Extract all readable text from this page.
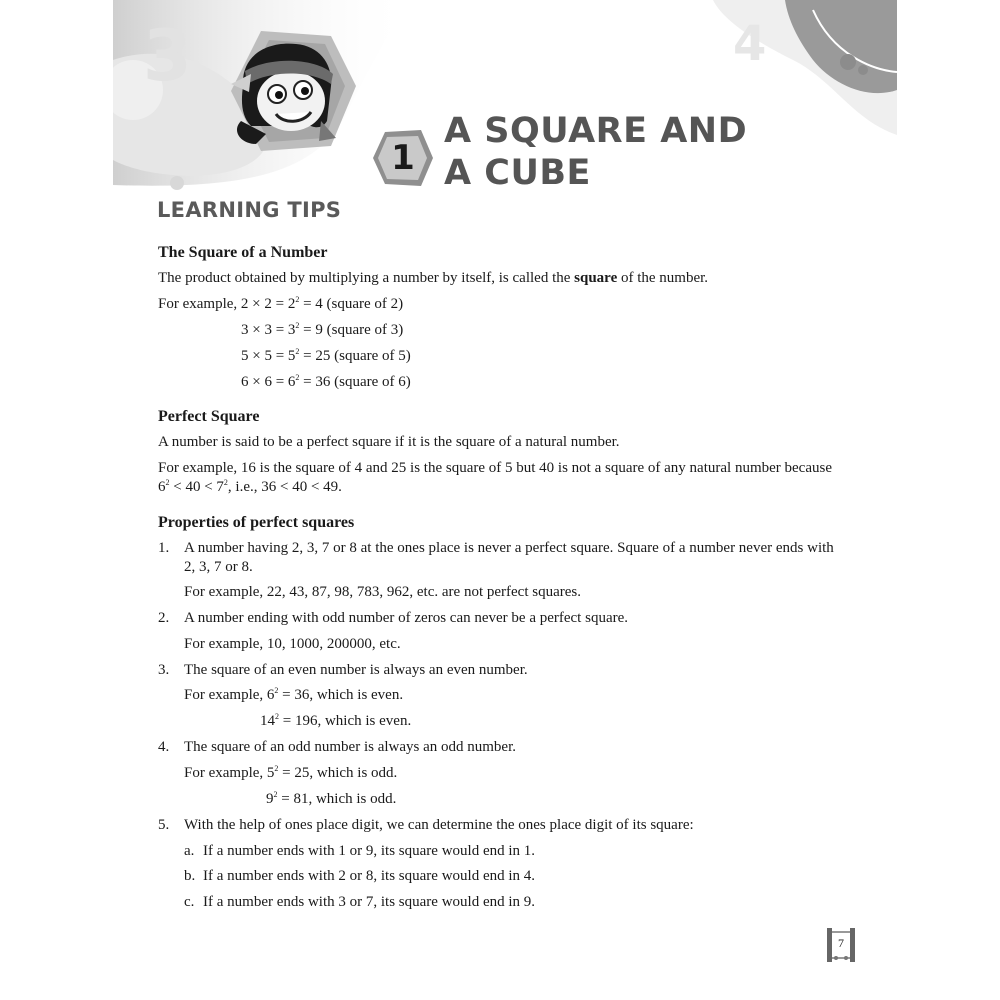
3	4
1
A SQUARE AND
A CUBE
LEARNING TIPS
The Square of a Number
The product obtained by multiplying a number by itself, is called the square of the number.
For example, $2 \times 2 = 2^2 = 4$ (square of 2)
$3 \times 3 = 3^2 = 9$ (square of 3)
$5 \times 5 = 5^2 = 25$ (square of 5)
$6 \times 6 = 6^2 = 36$ (square of 6)
Perfect Square
A number is said to be a perfect square if it is the square of a natural number.
For example, 16 is the square of 4 and 25 is the square of 5 but 40 is not a square of any natural number because
$6^2 < 40 < 7^2$, i.e., 36 < 40 < 49.
Properties of perfect squares
1. A number having 2, 3, 7 or 8 at the ones place is never a perfect square. Square of a number never ends with
2, 3, 7 or 8.
For example, 22, 43, 87, 98, 783, 962, etc. are not perfect squares.
2. A number ending with odd number of zeros can never be a perfect square.
For example, 10, 1000, 200000, etc.
3. The square of an even number is always an even number.
For example, $6^2 = 36$, which is even.
$14^2 = 196$, which is even.
4. The square of an odd number is always an odd number.
For example, $5^2 = 25$, which is odd.
$9^2 = 81$, which is odd.
5. With the help of ones place digit, we can determine the ones place digit of its square:
a. If a number ends with 1 or 9, its square would end in 1.
b. If a number ends with 2 or 8, its square would end in 4.
c. If a number ends with 3 or 7, its square would end in 9.
7
